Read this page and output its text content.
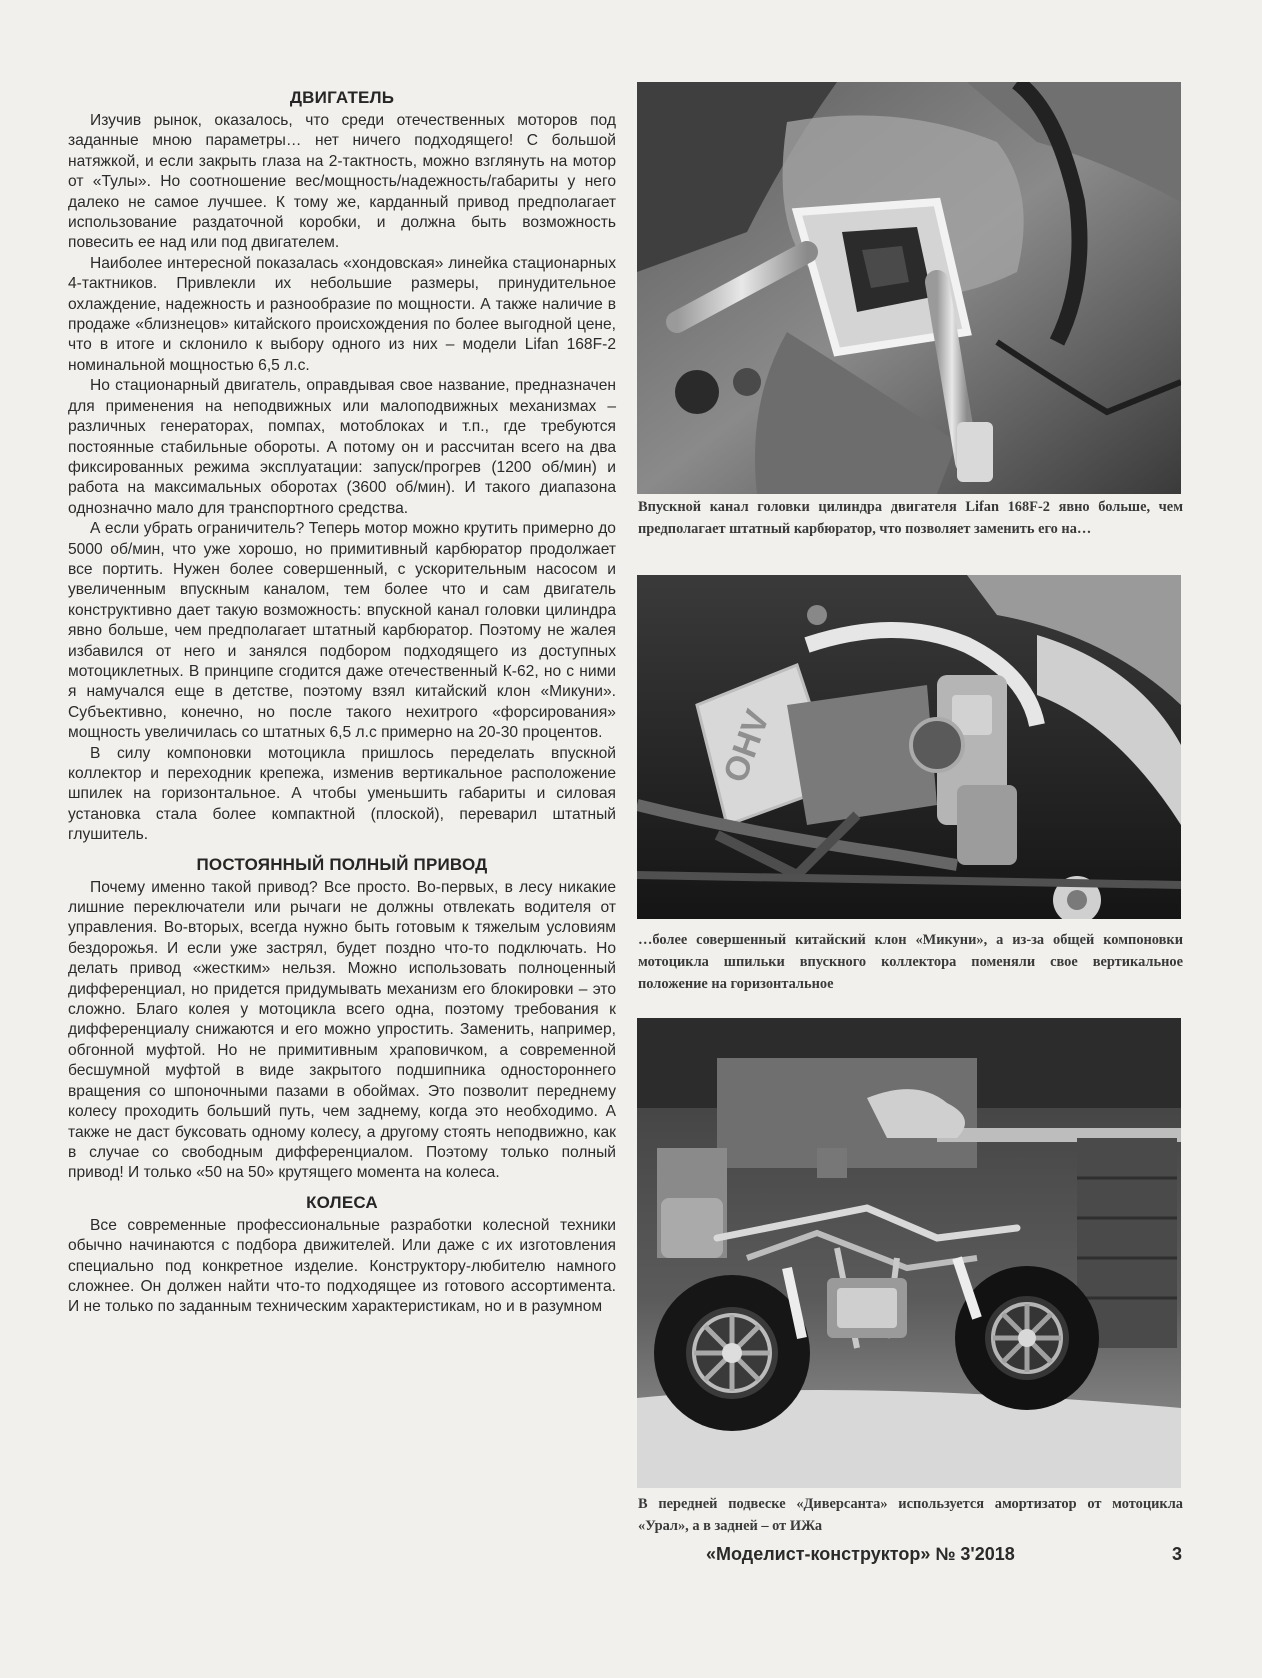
ДВИГАТЕЛЬ

Изучив рынок, оказалось, что среди отечественных моторов под заданные мною параметры… нет ничего подходящего! С большой натяжкой, и если закрыть глаза на 2-тактность, можно взглянуть на мотор от «Тулы». Но соотношение вес/мощность/надежность/габариты у него далеко не самое лучшее. К тому же, карданный привод предполагает использование раздаточной коробки, и должна быть возможность повесить ее над или под двигателем.

Наиболее интересной показалась «хондовская» линейка стационарных 4-тактников. Привлекли их небольшие размеры, принудительное охлаждение, надежность и разнообразие по мощности. А также наличие в продаже «близнецов» китайского происхождения по более выгодной цене, что в итоге и склонило к выбору одного из них – модели Lifan 168F-2 номинальной мощностью 6,5 л.с.

Но стационарный двигатель, оправдывая свое название, предназначен для применения на неподвижных или малоподвижных механизмах – различных генераторах, помпах, мотоблоках и т.п., где требуются постоянные стабильные обороты. А потому он и рассчитан всего на два фиксированных режима эксплуатации: запуск/прогрев (1200 об/мин) и работа на максимальных оборотах (3600 об/мин). И такого диапазона однозначно мало для транспортного средства.

А если убрать ограничитель? Теперь мотор можно крутить примерно до 5000 об/мин, что уже хорошо, но примитивный карбюратор продолжает все портить. Нужен более совершенный, с ускорительным насосом и увеличенным впускным каналом, тем более что и сам двигатель конструктивно дает такую возможность: впускной канал головки цилиндра явно больше, чем предполагает штатный карбюратор. Поэтому не жалея избавился от него и занялся подбором подходящего из доступных мотоциклетных. В принципе сгодится даже отечественный К-62, но с ними я намучался еще в детстве, поэтому взял китайский клон «Микуни». Субъективно, конечно, но после такого нехитрого «форсирования» мощность увеличилась со штатных 6,5 л.с примерно на 20-30 процентов.

В силу компоновки мотоцикла пришлось переделать впускной коллектор и переходник крепежа, изменив вертикальное расположение шпилек на горизонтальное. А чтобы уменьшить габариты и силовая установка стала более компактной (плоской), переварил штатный глушитель.

ПОСТОЯННЫЙ ПОЛНЫЙ ПРИВОД

Почему именно такой привод? Все просто. Во-первых, в лесу никакие лишние переключатели или рычаги не должны отвлекать водителя от управления. Во-вторых, всегда нужно быть готовым к тяжелым условиям бездорожья. И если уже застрял, будет поздно что-то подключать. Но делать привод «жестким» нельзя. Можно использовать полноценный дифференциал, но придется придумывать механизм его блокировки – это сложно. Благо колея у мотоцикла всего одна, поэтому требования к дифференциалу снижаются и его можно упростить. Заменить, например, обгонной муфтой. Но не примитивным храповичком, а современной бесшумной муфтой в виде закрытого подшипника одностороннего вращения со шпоночными пазами в обоймах. Это позволит переднему колесу проходить больший путь, чем заднему, когда это необходимо. А также не даст буксовать одному колесу, а другому стоять неподвижно, как в случае со свободным дифференциалом. Поэтому только полный привод! И только «50 на 50» крутящего момента на колеса.

КОЛЕСА

Все современные профессиональные разработки колесной техники обычно начинаются с подбора движителей. Или даже с их изготовления специально под конкретное изделие. Конструктору-любителю намного сложнее. Он должен найти что-то подходящее из готового ассортимента. И не только по заданным техническим характеристикам, но и в разумном

Впускной канал головки цилиндра двигателя Lifan 168F-2 явно больше, чем предполагает штатный карбюратор, что позволяет заменить его на…
OHV
…более совершенный китайский клон «Микуни», а из-за общей компоновки мотоцикла шпильки впускного коллектора поменяли свое вертикальное положение на горизонтальное
В передней подвеске «Диверсанта» используется амортизатор от мотоцикла «Урал», а в задней – от ИЖа
«Моделист-конструктор» № 3'2018	3
